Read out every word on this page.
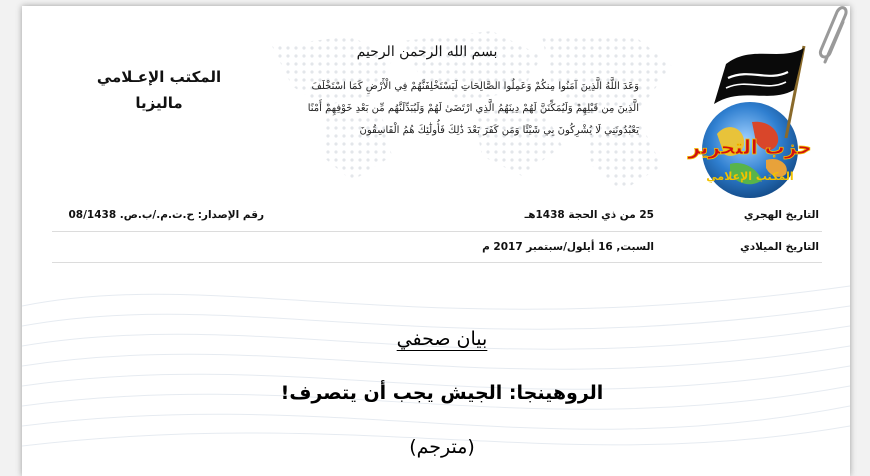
بسم الله الرحمن الرحيم
وَعَدَ اللَّهُ الَّذِينَ آمَنُوا مِنكُمْ وَعَمِلُوا الصَّالِحَاتِ لَيَسْتَخْلِفَنَّهُمْ فِي الْأَرْضِ كَمَا اسْتَخْلَفَ
الَّذِينَ مِن قَبْلِهِمْ وَلَيُمَكِّنَنَّ لَهُمْ دِينَهُمُ الَّذِي ارْتَضَىٰ لَهُمْ وَلَيُبَدِّلَنَّهُم مِّن بَعْدِ خَوْفِهِمْ أَمْنًا
يَعْبُدُونَنِي لَا يُشْرِكُونَ بِي شَيْئًا وَمَن كَفَرَ بَعْدَ ذَٰلِكَ فَأُولَٰئِكَ هُمُ الْفَاسِقُونَ
المكتب الإعـلامي
ماليزيا
حزب التحرير
المكتب الإعلامي
التاريخ الهجري
25 من ذي الحجة 1438هـ
رقم الإصدار: ح.ت.م./ب.ص. 08/1438
التاريخ الميلادي
السبت, 16 أيلول/سبتمبر 2017 م
بيان صحفي
الروهينجا: الجيش يجب أن يتصرف!
(مترجم)
